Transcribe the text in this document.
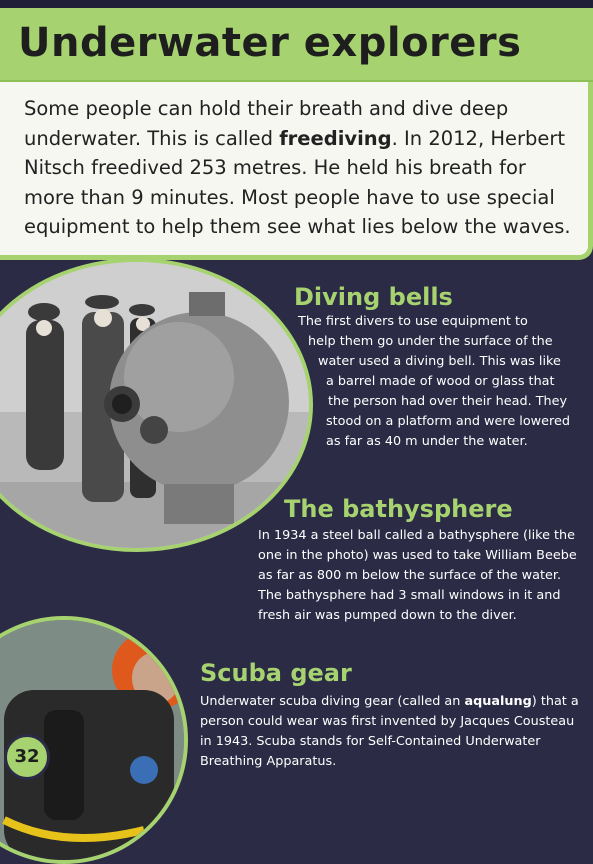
Underwater explorers
Some people can hold their breath and dive deep underwater. This is called freediving. In 2012, Herbert Nitsch freedived 253 metres. He held his breath for more than 9 minutes. Most people have to use special equipment to help them see what lies below the waves.
Diving bells

The first divers to use equipment to
help them go under the surface of the
water used a diving bell. This was like
a barrel made of wood or glass that
the person had over their head. They
stood on a platform and were lowered
as far as 40 m under the water.

The bathysphere

In 1934 a steel ball called a bathysphere (like the one in the photo) was used to take William Beebe as far as 800 m below the surface of the water. The bathysphere had 3 small windows in it and fresh air was pumped down to the diver.

Scuba gear

Underwater scuba diving gear (called an aqualung) that a person could wear was first invented by Jacques Cousteau in 1943. Scuba stands for Self-Contained Underwater Breathing Apparatus.

32
